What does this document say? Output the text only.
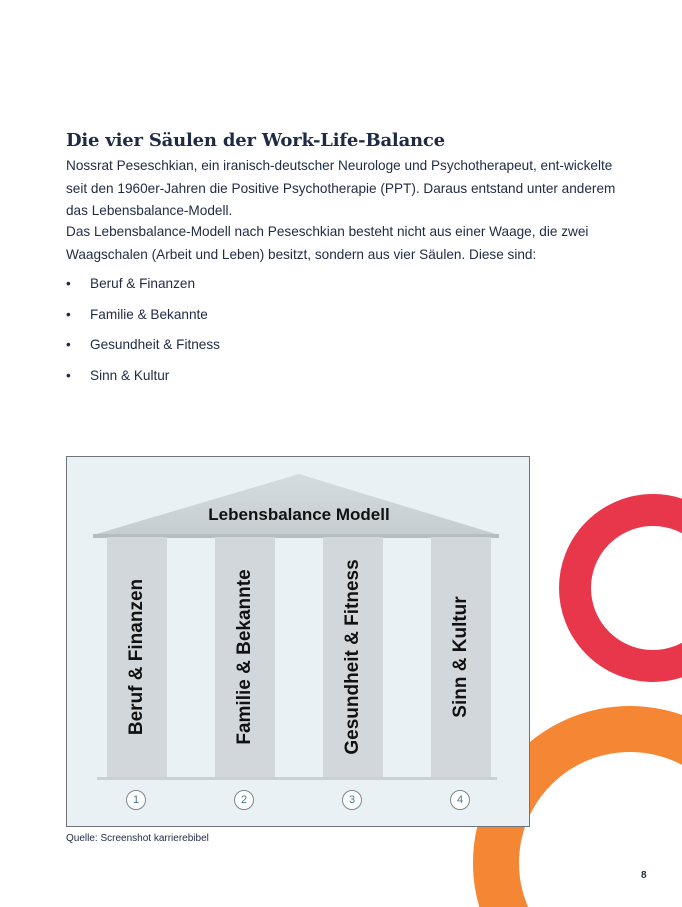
Die vier Säulen der Work-Life-Balance

Nossrat Peseschkian, ein iranisch-deutscher Neurologe und Psychotherapeut, ent-wickelte seit den 1960er-Jahren die Positive Psychotherapie (PPT). Daraus entstand unter anderem das Lebensbalance-Modell.

Das Lebensbalance-Modell nach Peseschkian besteht nicht aus einer Waage, die zwei Waagschalen (Arbeit und Leben) besitzt, sondern aus vier Säulen. Diese sind:

• Beruf & Finanzen
• Familie & Bekannte
• Gesundheit & Fitness
• Sinn & Kultur
Lebensbalance Modell
Beruf & Finanzen	Familie & Bekannte	Gesundheit & Fitness	Sinn & Kultur
1	2	3	4

Quelle: Screenshot karrierebibel

8
